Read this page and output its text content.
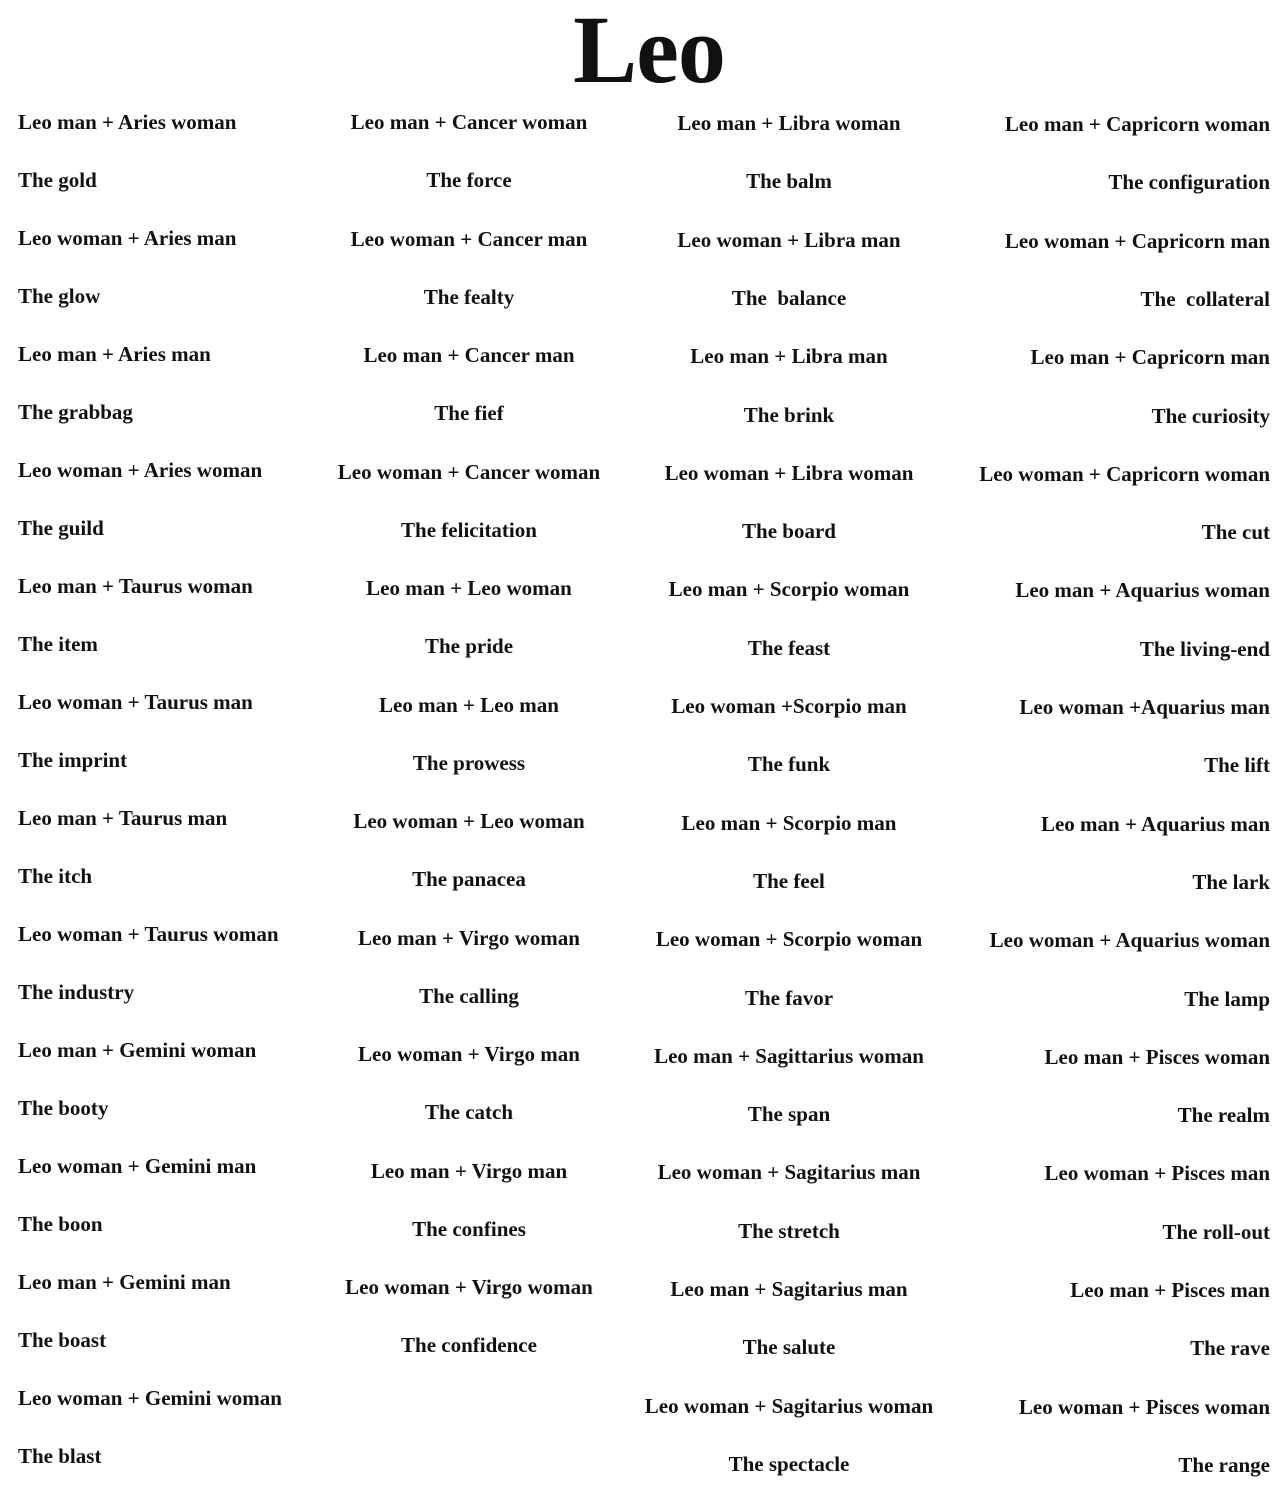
Leo
Leo man + Aries woman
The gold
Leo woman + Aries man
The glow
Leo man + Aries man
The grabbag
Leo woman + Aries woman
The guild
Leo man + Taurus woman
The item
Leo woman + Taurus man
The imprint
Leo man + Taurus man
The itch
Leo woman + Taurus woman
The industry
Leo man + Gemini woman
The booty
Leo woman + Gemini man
The boon
Leo man + Gemini man
The boast
Leo woman + Gemini woman
The blast
Leo man + Cancer woman
The force
Leo woman + Cancer man
The fealty
Leo man + Cancer man
The fief
Leo woman + Cancer woman
The felicitation
Leo man + Leo woman
The pride
Leo man + Leo man
The prowess
Leo woman + Leo woman
The panacea
Leo man + Virgo woman
The calling
Leo woman + Virgo man
The catch
Leo man + Virgo man
The confines
Leo woman + Virgo woman
The confidence
Leo man + Libra woman
The balm
Leo woman + Libra man
The  balance
Leo man + Libra man
The brink
Leo woman + Libra woman
The board
Leo man + Scorpio woman
The feast
Leo woman +Scorpio man
The funk
Leo man + Scorpio man
The feel
Leo woman + Scorpio woman
The favor
Leo man + Sagittarius woman
The span
Leo woman + Sagitarius man
The stretch
Leo man + Sagitarius man
The salute
Leo woman + Sagitarius woman
The spectacle
Leo man + Capricorn woman
The configuration
Leo woman + Capricorn man
The  collateral
Leo man + Capricorn man
The curiosity
Leo woman + Capricorn woman
The cut
Leo man + Aquarius woman
The living-end
Leo woman +Aquarius man
The lift
Leo man + Aquarius man
The lark
Leo woman + Aquarius woman
The lamp
Leo man + Pisces woman
The realm
Leo woman + Pisces man
The roll-out
Leo man + Pisces man
The rave
Leo woman + Pisces woman
The range
